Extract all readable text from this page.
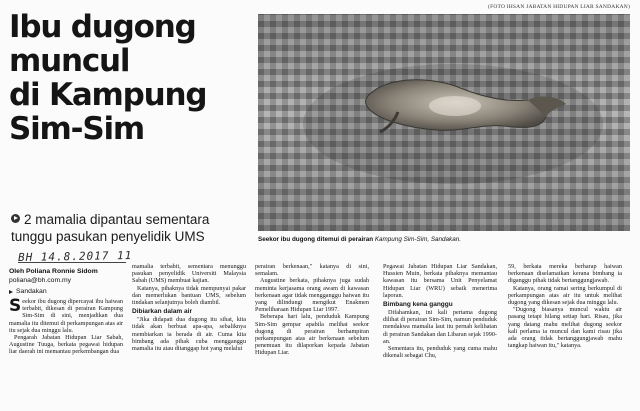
(FOTO IHSAN JABATAN HIDUPAN LIAR SANDAKAN)
Ibu dugong
muncul
di Kampung
Sim-Sim
Seekor ibu dugong ditemui di perairan Kampung Sim-Sim, Sandakan.
2 mamalia dipantau sementara tunggu pasukan penyelidik UMS
BH 14.8.2017 11
Oleh Poliana Ronnie Sidom
poliana@bh.com.my
Sandakan

Seekor ibu dugong dipercayai ibu haiwan terbabit, dikesan di perairan Kampung Sim-Sim di sini, menjadikan dua mamalia itu ditemui di perkampungan atas air itu sejak dua minggu lalu.

Pengarah Jabatan Hidupan Liar Sabah, Augustine Tuuga, berkata pegawai hidupan liar daerah ini memantau perkembangan dua

mamalia terbabit, sementara menunggu pasukan penyelidik Universiti Malaysia Sabah (UMS) membuat kajian.

Katanya, pihaknya tidak mempunyai pakar dan memerlukan bantuan UMS, sebelum tindakan selanjutnya boleh diambil.

Dibiarkan dalam air

"Jika didapati dua dugong itu sihat, kita tidak akan berbuat apa-apa, sebaliknya membiarkan ia berada di air. Cuma kita bimbang ada pihak cuba mengganggu mamalia itu atau ditanggap hot yang melalui

perairan berkenaan," katanya di sini, semalam.

Augustine berkata, pihaknya juga sudah meminta kerjasama orang awam di kawasan berkenaan agar tidak mengganggu haiwan itu yang dilindungi mengikut Enakmen Pemeliharaan Hidupan Liar 1997.

Beberapa hari lalu, penduduk Kampung Sim-Sim gempar apabila melihat seekor dugong di perairan berhampiran perkampungan atas air berkenaan sebelum penemuan itu dilaporkan kepada Jabatan Hidupan Liar.

Pegawai Jabatan Hidupan Liar Sandakan, Hussien Muin, berkata pihaknya memantau kawasan itu bersama Unit Penyelamat Hidupan Liar (WRU) sebaik menerima laporan.

Bimbang kena ganggu

Difahamkan, ini kali pertama dugong dilihat di perairan Sim-Sim, namun penduduk mendakwa mamalia laut itu pernah kelihatan di perairan Sandakan dan Libaran sejak 1990-an.

Sementara itu, penduduk yang cuma mahu dikenali sebagai Chu,

59, berkata mereka berharap haiwan berkenaan diselamatkan kerana bimbang ia diganggu pihak tidak bertanggungjawab.

Katanya, orang ramai sering berkumpul di perkampungan atas air itu untuk melihat dugong yang dikesan sejak dua minggu lalu.

"Dugong biasanya muncul waktu air pasang tetapi hilang setiap hari. Risau, jika yang datang mahu melihat dugong seekor kali perlama ia muncul dan kami risau jika ada orang tidak bertanggungjawab mahu tangkap haiwan itu," katanya.
